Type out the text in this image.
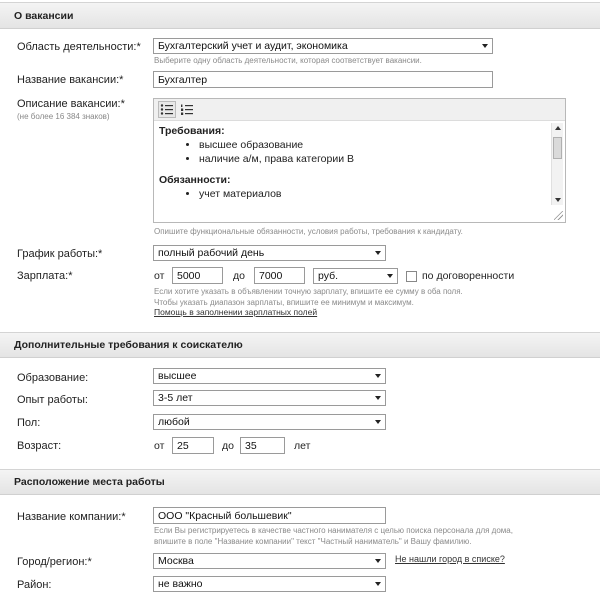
О вакансии
Область деятельности:*	Бухгалтерский учет и аудит, экономика
Выберите одну область деятельности, которая соответствует вакансии.
Название вакансии:*	Бухгалтер
Описание вакансии:*
(не более 16 384 знаков)
Требования:
• высшее образование
• наличие а/м, права категории В
Обязанности:
• учет материалов
•
Опишите функциональные обязанности, условия работы, требования к кандидату.
График работы:*	полный рабочий день
Зарплата:*	от	5000	до	7000	руб.	по договоренности
Если хотите указать в объявлении точную зарплату, впишите ее сумму в оба поля.
Чтобы указать диапазон зарплаты, впишите ее минимум и максимум.
Помощь в заполнении зарплатных полей
Дополнительные требования к соискателю
Образование:	высшее
Опыт работы:	3-5 лет
Пол:	любой
Возраст:	от	25	до	35	лет
Расположение места работы
Название компании:*	ООО "Красный большевик"
Если Вы регистрируетесь в качестве частного нанимателя с целью поиска персонала для дома,
впишите в поле "Название компании" текст "Частный наниматель" и Вашу фамилию.
Город/регион:*	Москва	Не нашли город в списке?
Район:	не важно
